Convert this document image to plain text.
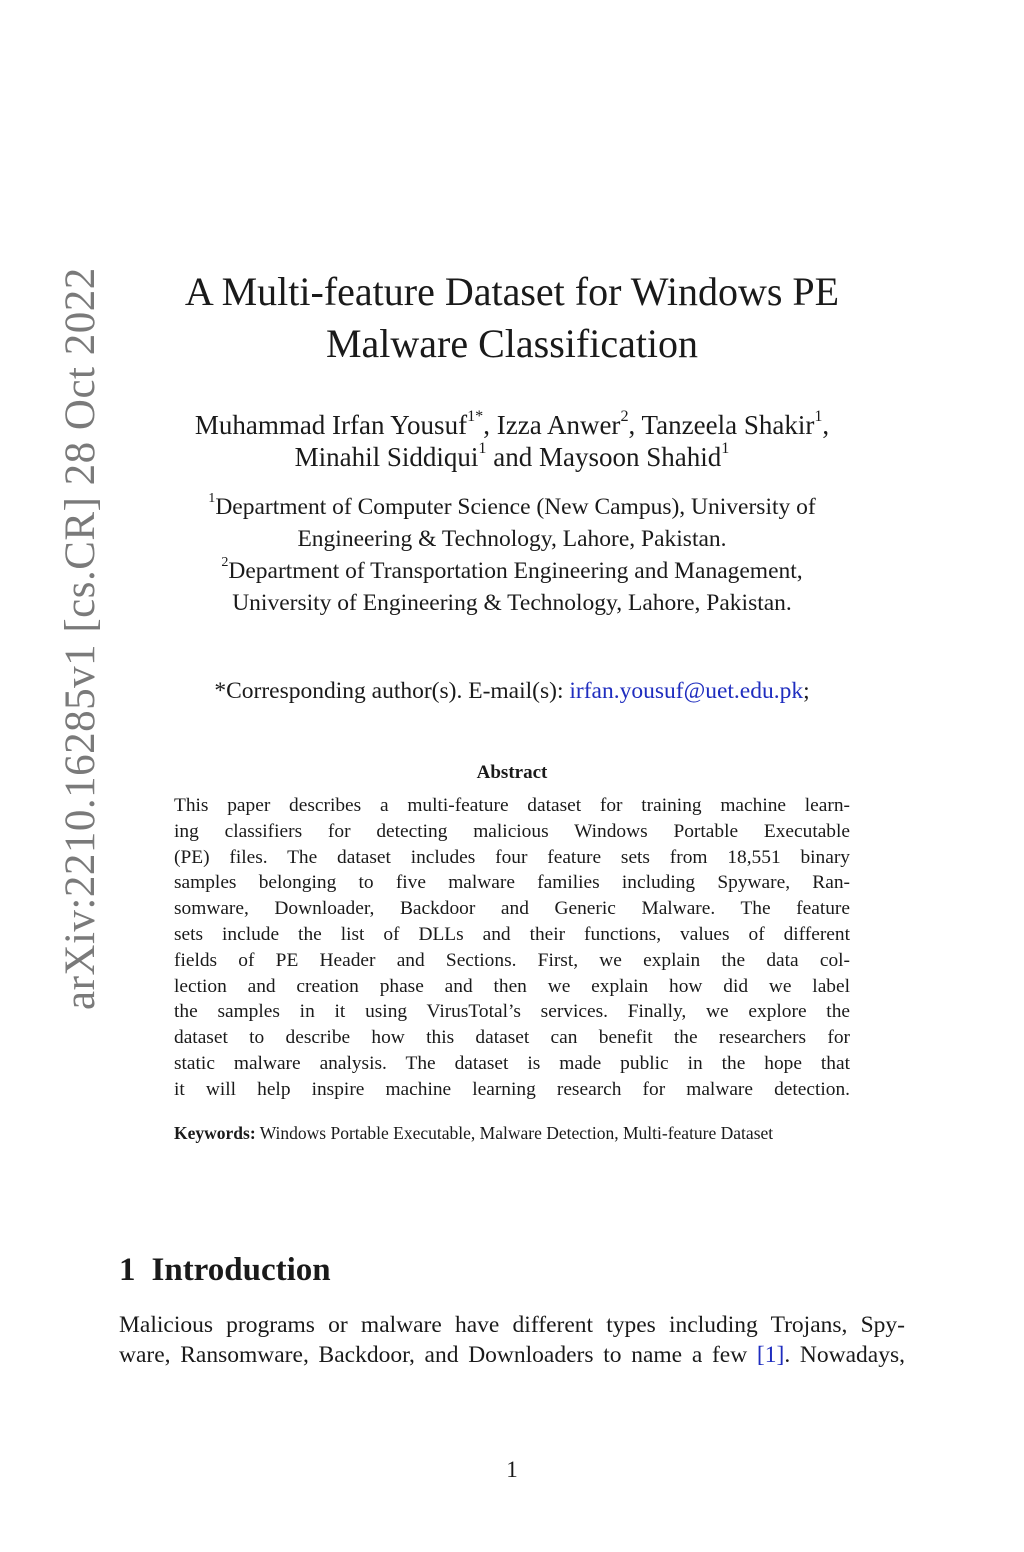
arXiv:2210.16285v1 [cs.CR] 28 Oct 2022	A Multi-feature Dataset for Windows PE
Malware Classification
Muhammad Irfan Yousuf$^{1*}$, Izza Anwer$^2$, Tanzeela Shakir$^1$, Minahil Siddiqui$^1$ and Maysoon Shahid$^1$
$^1$Department of Computer Science (New Campus), University of
Engineering & Technology, Lahore, Pakistan.
$^2$Department of Transportation Engineering and Management,
University of Engineering & Technology, Lahore, Pakistan.
*Corresponding author(s). E-mail(s): irfan.yousuf@uet.edu.pk;
Abstract
This paper describes a multi-feature dataset for training machine learn-
ing classifiers for detecting malicious Windows Portable Executable
(PE) files. The dataset includes four feature sets from 18,551 binary
samples belonging to five malware families including Spyware, Ran-
somware, Downloader, Backdoor and Generic Malware. The feature
sets include the list of DLLs and their functions, values of different
fields of PE Header and Sections. First, we explain the data col-
lection and creation phase and then we explain how did we label
the samples in it using VirusTotal’s services. Finally, we explore the
dataset to describe how this dataset can benefit the researchers for
static malware analysis. The dataset is made public in the hope that
it will help inspire machine learning research for malware detection.
Keywords: Windows Portable Executable, Malware Detection, Multi-feature Dataset
1 Introduction
Malicious programs or malware have different types including Trojans, Spy-
ware, Ransomware, Backdoor, and Downloaders to name a few [1]. Nowadays,
1
